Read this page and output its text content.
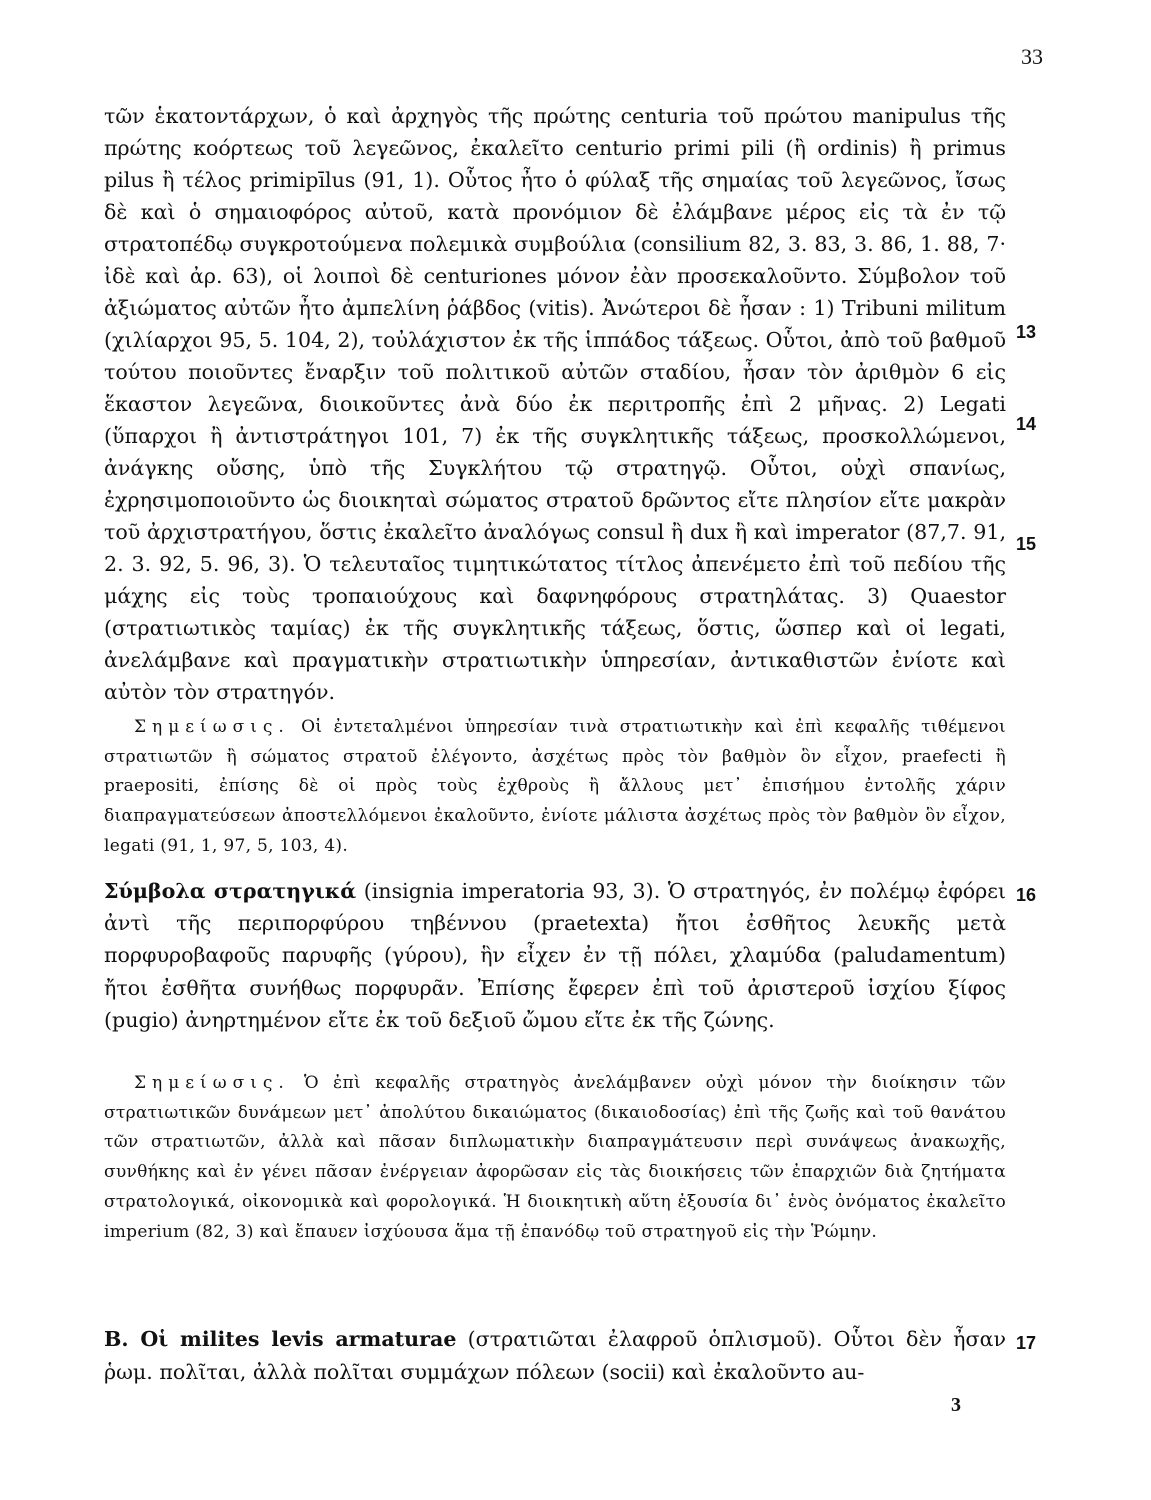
33
τῶν ἑκατοντάρχων, ὁ καὶ ἀρχηγὸς τῆς πρώτης centuria τοῦ πρώτου manipulus τῆς πρώτης κοόρτεως τοῦ λεγεῶνος, ἐκαλεῖτο centurio primi pili (ἢ ordinis) ἢ primus pilus ἢ τέλος primipīlus (91, 1). Οὗτος ἦτο ὁ φύλαξ τῆς σημαίας τοῦ λεγεῶνος, ἴσως δὲ καὶ ὁ σημαιοφόρος αὐτοῦ, κατὰ προνόμιον δὲ ἐλάμβανε μέρος εἰς τὰ ἐν τῷ στρατοπέδῳ συγκροτούμενα πολεμικὰ συμβούλια (consilium 82, 3. 83, 3. 86, 1. 88, 7· ἰδὲ καὶ ἀρ. 63), οἱ λοιποὶ δὲ centuriones μόνον ἐὰν προσεκαλοῦντο. Σύμβολον τοῦ ἀξιώματος αὐτῶν ἦτο ἀμπελίνη ῥάβδος (vitis). Ἀνώτεροι δὲ ἦσαν : 1) Tribuni militum (χιλίαρχοι 95, 5. 104, 2), τοὐλάχιστον ἐκ τῆς ἱππάδος τάξεως. Οὗτοι, ἀπὸ τοῦ βαθμοῦ τούτου ποιοῦντες ἔναρξιν τοῦ πολιτικοῦ αὐτῶν σταδίου, ἦσαν τὸν ἀριθμὸν 6 εἰς ἕκαστον λεγεῶνα, διοικοῦντες ἀνὰ δύο ἐκ περιτροπῆς ἐπὶ 2 μῆνας. 2) Legati (ὕπαρχοι ἢ ἀντιστράτηγοι 101, 7) ἐκ τῆς συγκλητικῆς τάξεως, προσκολλώμενοι, ἀνάγκης οὔσης, ὑπὸ τῆς Συγκλήτου τῷ στρατηγῷ. Οὗτοι, οὐχὶ σπανίως, ἐχρησιμοποιοῦντο ὡς διοικηταὶ σώματος στρατοῦ δρῶντος εἴτε πλησίον εἴτε μακρὰν τοῦ ἀρχιστρατήγου, ὅστις ἐκαλεῖτο ἀναλόγως consul ἢ dux ἢ καὶ imperator (87,7. 91, 2. 3. 92, 5. 96, 3). Ὁ τελευταῖος τιμητικώτατος τίτλος ἀπενέμετο ἐπὶ τοῦ πεδίου τῆς μάχης εἰς τοὺς τροπαιούχους καὶ δαφνηφόρους στρατηλάτας. 3) Quaestor (στρατιωτικὸς ταμίας) ἐκ τῆς συγκλητικῆς τάξεως, ὅστις, ὥσπερ καὶ οἱ legati, ἀνελάμβανε καὶ πραγματικὴν στρατιωτικὴν ὑπηρεσίαν, ἀντικαθιστῶν ἐνίοτε καὶ αὐτὸν τὸν στρατηγόν.
Σημείωσις. Οἱ ἐντεταλμένοι ὑπηρεσίαν τινὰ στρατιωτικὴν καὶ ἐπὶ κεφαλῆς τιθέμενοι στρατιωτῶν ἢ σώματος στρατοῦ ἐλέγοντο, ἀσχέτως πρὸς τὸν βαθμὸν ὃν εἶχον, praefecti ἢ praepositi, ἐπίσης δὲ οἱ πρὸς τοὺς ἐχθροὺς ἢ ἄλλους μετ᾽ ἐπισήμου ἐντολῆς χάριν διαπραγματεύσεων ἀποστελλόμενοι ἐκαλοῦντο, ἐνίοτε μάλιστα ἀσχέτως πρὸς τὸν βαθμὸν ὃν εἶχον, legati (91, 1, 97, 5, 103, 4).
Σύμβολα στρατηγικά (insignia imperatoria 93, 3). Ὁ στρατηγός, ἐν πολέμῳ ἐφόρει ἀντὶ τῆς περιπορφύρου τηβέννου (praetexta) ἤτοι ἐσθῆτος λευκῆς μετὰ πορφυροβαφοῦς παρυφῆς (γύρου), ἣν εἶχεν ἐν τῇ πόλει, χλαμύδα (paludamentum) ἤτοι ἐσθῆτα συνήθως πορφυρᾶν. Ἐπίσης ἔφερεν ἐπὶ τοῦ ἀριστεροῦ ἰσχίου ξίφος (pugio) ἀνηρτημένον εἴτε ἐκ τοῦ δεξιοῦ ὤμου εἴτε ἐκ τῆς ζώνης.
Σημείωσις. Ὁ ἐπὶ κεφαλῆς στρατηγὸς ἀνελάμβανεν οὐχὶ μόνον τὴν διοίκησιν τῶν στρατιωτικῶν δυνάμεων μετ᾽ ἀπολύτου δικαιώματος (δικαιοδοσίας) ἐπὶ τῆς ζωῆς καὶ τοῦ θανάτου τῶν στρατιωτῶν, ἀλλὰ καὶ πᾶσαν διπλωματικὴν διαπραγμάτευσιν περὶ συνάψεως ἀνακωχῆς, συνθήκης καὶ ἐν γένει πᾶσαν ἐνέργειαν ἀφορῶσαν εἰς τὰς διοικήσεις τῶν ἐπαρχιῶν διὰ ζητήματα στρατολογικά, οἰκονομικὰ καὶ φορολογικά. Ἡ διοικητικὴ αὕτη ἐξουσία δι᾽ ἑνὸς ὀνόματος ἐκαλεῖτο imperium (82, 3) καὶ ἔπαυεν ἰσχύουσα ἅμα τῇ ἐπανόδῳ τοῦ στρατηγοῦ εἰς τὴν Ῥώμην.
Β. Οἱ milites levis armaturae (στρατιῶται ἐλαφροῦ ὁπλισμοῦ). Οὗτοι δὲν ἦσαν ῥωμ. πολῖται, ἀλλὰ πολῖται συμμάχων πόλεων (socii) καὶ ἐκαλοῦντο au-
13
14
15
16
17
3
